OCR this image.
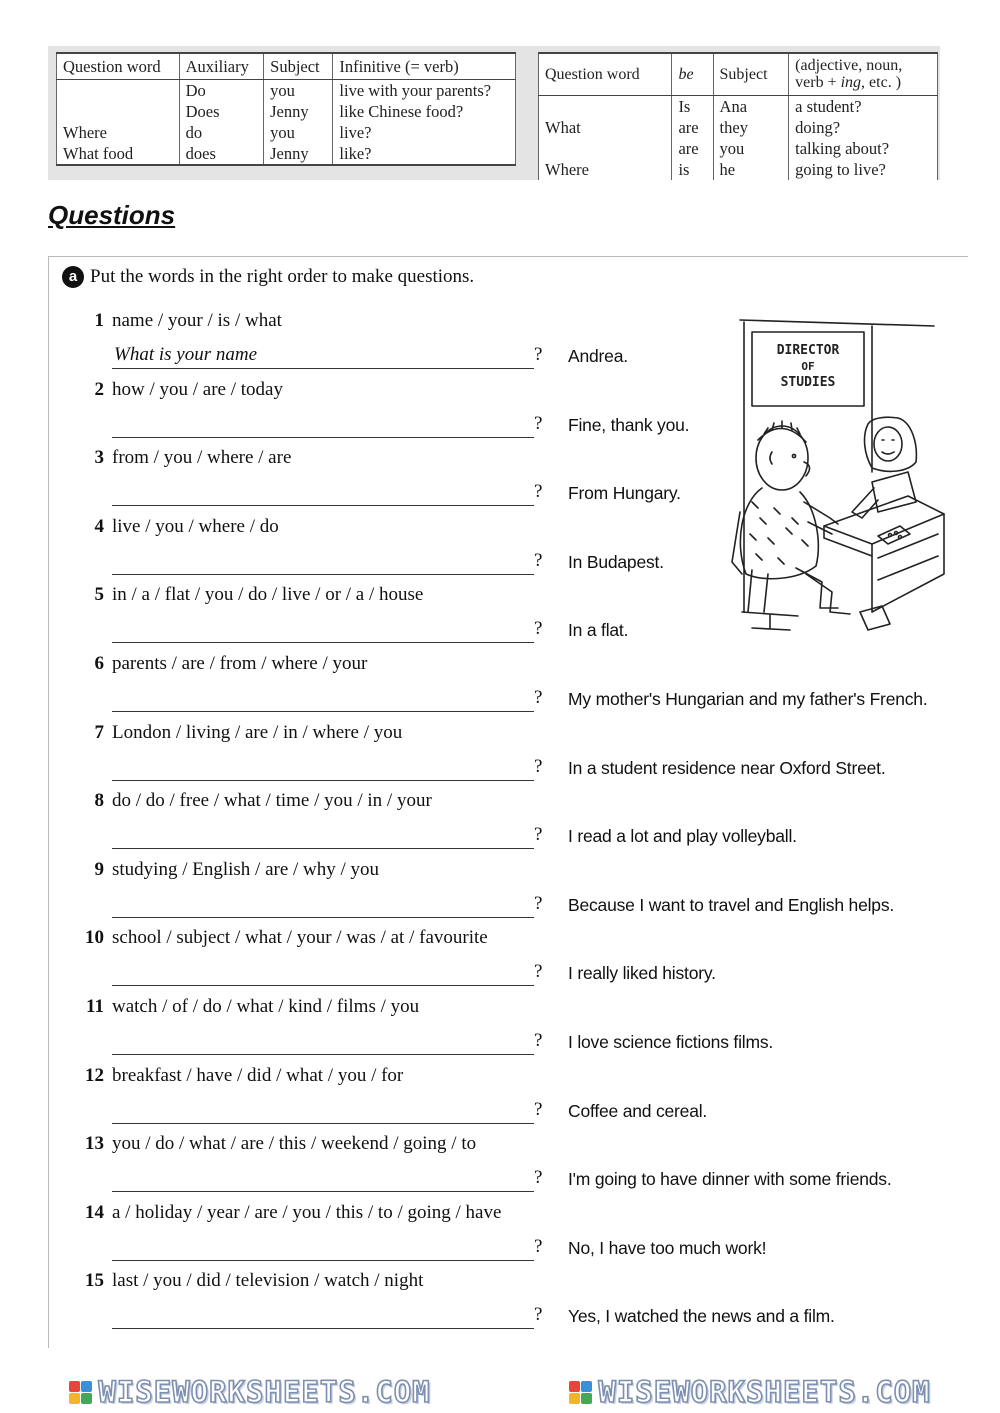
Question word	Auxiliary	Subject	Infinitive (= verb)
	Do	you	live with your parents?
	Does	Jenny	like Chinese food?
Where	do	you	live?
What food	does	Jenny	like?
Question word	be	Subject	(adjective, noun,
verb + ing, etc. )
	Is	Ana	a student?
What	are	they	doing?
	are	you	talking about?
Where	is	he	going to live?
Questions
a Put the words in the right order to make questions.
1 name / your / is / what
What is your name
? Andrea.
2 how / you / are / today
? Fine, thank you.
3 from / you / where / are
? From Hungary.
4 live / you / where / do
? In Budapest.
5 in / a / flat / you / do / live / or / a / house
? In a flat.
6 parents / are / from / where / your
? My mother's Hungarian and my father's French.
7 London / living / are / in / where / you
? In a student residence near Oxford Street.
8 do / do / free / what / time / you / in / your
? I read a lot and play volleyball.
9 studying / English / are / why / you
? Because I want to travel and English helps.
10 school / subject / what / your / was / at / favourite
? I really liked history.
11 watch / of / do / what / kind / films / you
? I love science fictions films.
12 breakfast / have / did / what / you / for
? Coffee and cereal.
13 you / do / what / are / this / weekend / going / to
? I'm going to have dinner with some friends.
14 a / holiday / year / are / you / this / to / going / have
? No, I have too much work!
15 last / you / did / television / watch / night
? Yes, I watched the news and a film.
DIRECTOR
OF
STUDIES
WISEWORKSHEETS.COM	WISEWORKSHEETS.COM
